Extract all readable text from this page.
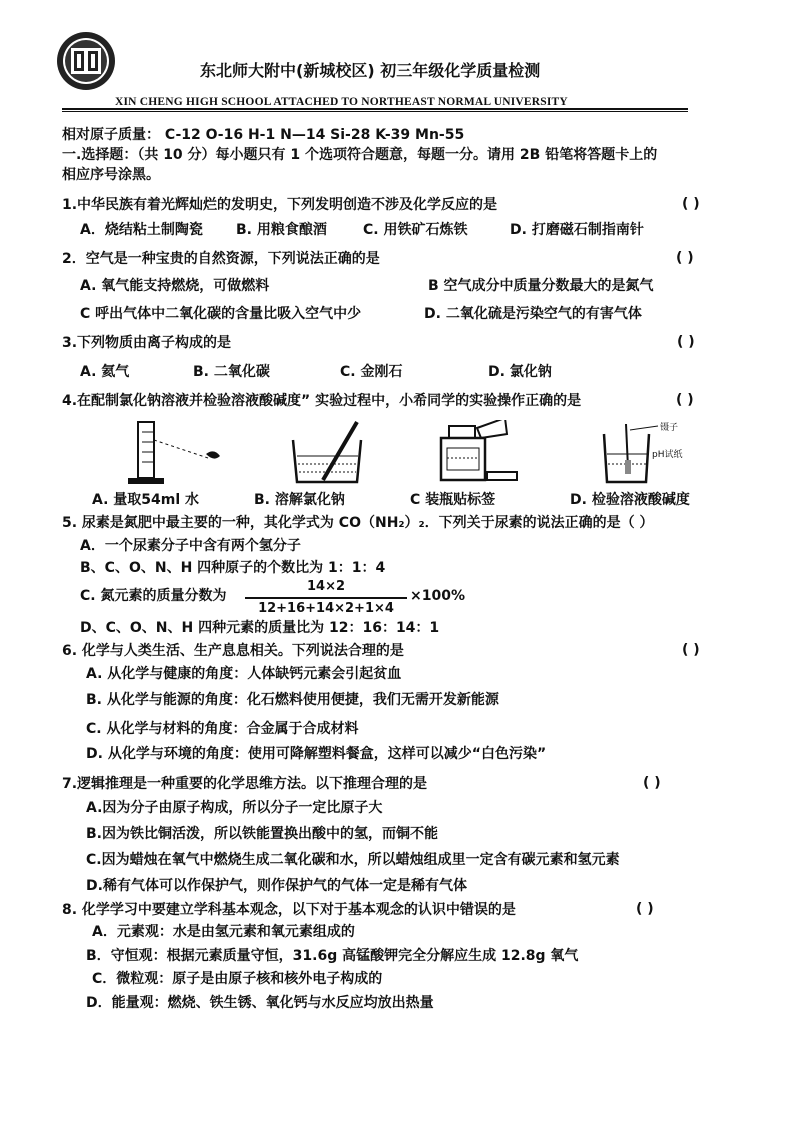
东北师大附中(新城校区) 初三年级化学质量检测
XIN CHENG HIGH SCHOOL ATTACHED TO NORTHEAST NORMAL UNIVERSITY
相对原子质量： C-12 O-16 H-1 N—14 Si-28 K-39 Mn-55
一.选择题：（共 10 分）每小题只有 1 个选项符合题意，每题一分。请用 2B 铅笔将答题卡上的
相应序号涂黑。
1.中华民族有着光辉灿烂的发明史，下列发明创造不涉及化学反应的是	( )
A．烧结粘土制陶瓷 B. 用粮食酿酒	C. 用铁矿石炼铁	D. 打磨磁石制指南针
2．空气是一种宝贵的自然资源，下列说法正确的是	( )
A. 氧气能支持燃烧，可做燃料	B 空气成分中质量分数最大的是氮气
C 呼出气体中二氧化碳的含量比吸入空气中少	D. 二氧化硫是污染空气的有害气体
3.下列物质由离子构成的是	( )
A. 氦气	B. 二氧化碳	C. 金刚石	D. 氯化钠
4.在配制氯化钠溶液并检验溶液酸碱度” 实验过程中，小希同学的实验操作正确的是	( )
镊子
pH试纸
A. 量取54ml 水	B. 溶解氯化钠	C 装瓶贴标签	D. 检验溶液酸碱度
5. 尿素是氮肥中最主要的一种，其化学式为 CO（NH₂）₂．下列关于尿素的说法正确的是（ ）
A．一个尿素分子中含有两个氢分子
B、C、O、N、H 四种原子的个数比为 1：1：4
C. 氮元素的质量分数为
14×2
12+16+14×2+1×4
×100%
D、C、O、N、H 四种元素的质量比为 12：16：14：1
6. 化学与人类生活、生产息息相关。下列说法合理的是	( )
A. 从化学与健康的角度：人体缺钙元素会引起贫血
B. 从化学与能源的角度：化石燃料使用便捷，我们无需开发新能源
C. 从化学与材料的角度：合金属于合成材料
D. 从化学与环境的角度：使用可降解塑料餐盒，这样可以减少“白色污染”
7.逻辑推理是一种重要的化学思维方法。以下推理合理的是	( )
A.因为分子由原子构成，所以分子一定比原子大
B.因为铁比铜活泼，所以铁能置换出酸中的氢，而铜不能
C.因为蜡烛在氧气中燃烧生成二氧化碳和水，所以蜡烛组成里一定含有碳元素和氢元素
D.稀有气体可以作保护气，则作保护气的气体一定是稀有气体
8. 化学学习中要建立学科基本观念，以下对于基本观念的认识中错误的是	( )
A．元素观：水是由氢元素和氧元素组成的
B．守恒观：根据元素质量守恒，31.6g 高锰酸钾完全分解应生成 12.8g 氧气
C．微粒观：原子是由原子核和核外电子构成的
D．能量观：燃烧、铁生锈、氧化钙与水反应均放出热量
